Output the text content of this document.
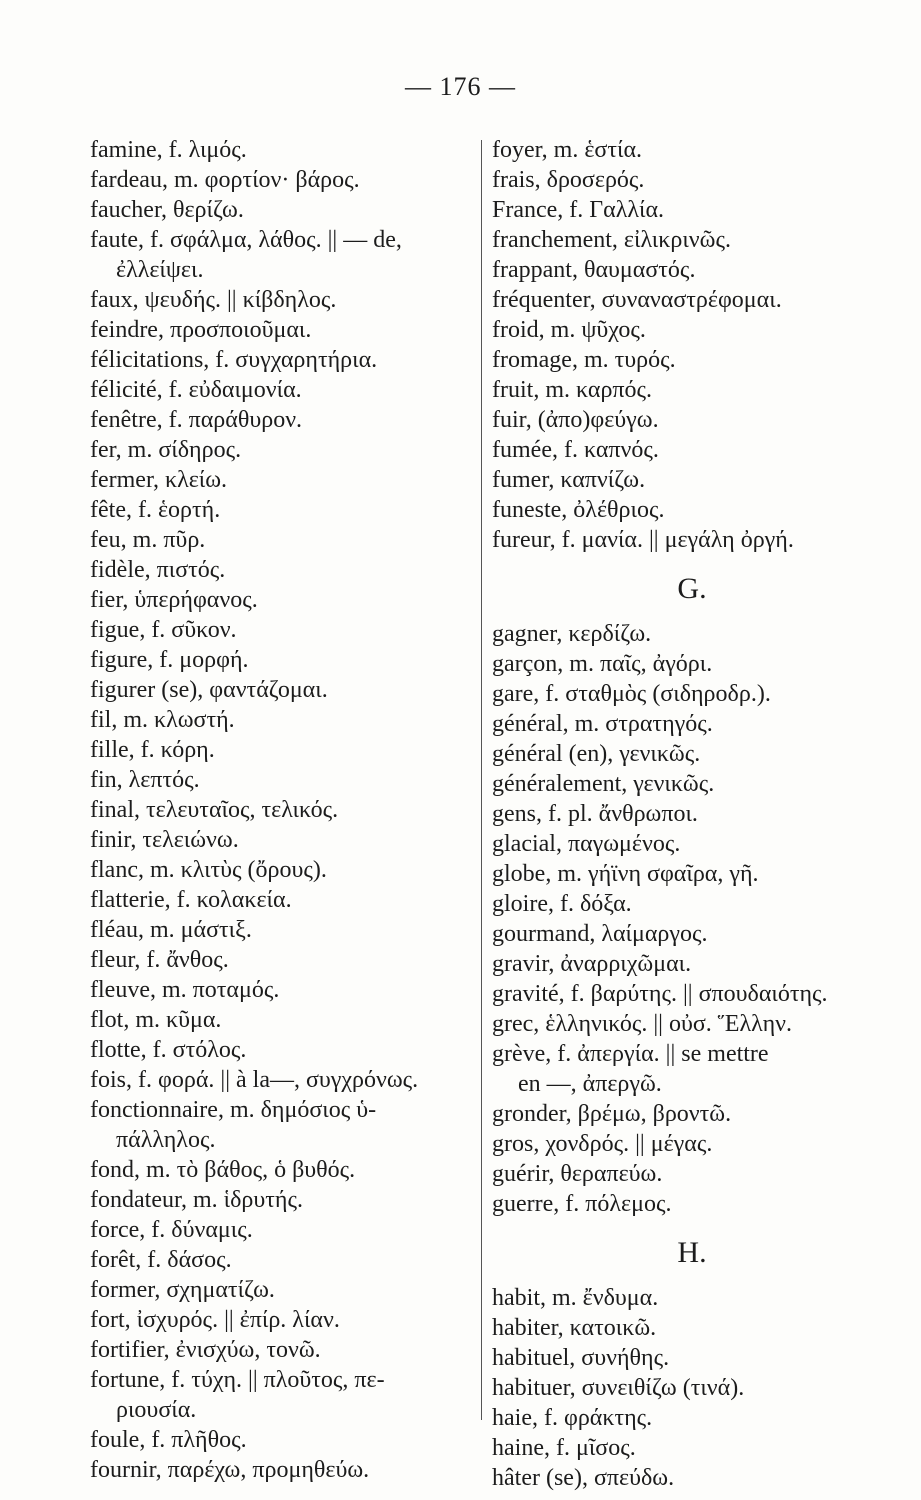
— 176 —
famine, f. λιμός.
fardeau, m. φορτίον· βάρος.
faucher, θερίζω.
faute, f. σφάλμα, λάθος. || — de,
ἐλλείψει.
faux, ψευδής. || κίβδηλος.
feindre, προσποιοῦμαι.
félicitations, f. συγχαρητήρια.
félicité, f. εὐδαιμονία.
fenêtre, f. παράθυρον.
fer, m. σίδηρος.
fermer, κλείω.
fête, f. ἑορτή.
feu, m. πῦρ.
fidèle, πιστός.
fier, ὑπερήφανος.
figue, f. σῦκον.
figure, f. μορφή.
figurer (se), φαντάζομαι.
fil, m. κλωστή.
fille, f. κόρη.
fin, λεπτός.
final, τελευταῖος, τελικός.
finir, τελειώνω.
flanc, m. κλιτὺς (ὄρους).
flatterie, f. κολακεία.
fléau, m. μάστιξ.
fleur, f. ἄνθος.
fleuve, m. ποταμός.
flot, m. κῦμα.
flotte, f. στόλος.
fois, f. φορά. || à la—, συγχρόνως.
fonctionnaire, m. δημόσιος ὑ-
πάλληλος.
fond, m. τὸ βάθος, ὁ βυθός.
fondateur, m. ἱδρυτής.
force, f. δύναμις.
forêt, f. δάσος.
former, σχηματίζω.
fort, ἰσχυρός. || ἐπίρ. λίαν.
fortifier, ἐνισχύω, τονῶ.
fortune, f. τύχη. || πλοῦτος, πε-
ριουσία.
foule, f. πλῆθος.
fournir, παρέχω, προμηθεύω.
foyer, m. ἑστία.
frais, δροσερός.
France, f. Γαλλία.
franchement, εἰλικρινῶς.
frappant, θαυμαστός.
fréquenter, συναναστρέφομαι.
froid, m. ψῦχος.
fromage, m. τυρός.
fruit, m. καρπός.
fuir, (ἀπο)φεύγω.
fumée, f. καπνός.
fumer, καπνίζω.
funeste, ὀλέθριος.
fureur, f. μανία. || μεγάλη ὀργή.
G.
gagner, κερδίζω.
garçon, m. παῖς, ἀγόρι.
gare, f. σταθμὸς (σιδηροδρ.).
général, m. στρατηγός.
général (en), γενικῶς.
généralement, γενικῶς.
gens, f. pl. ἄνθρωποι.
glacial, παγωμένος.
globe, m. γήϊνη σφαῖρα, γῆ.
gloire, f. δόξα.
gourmand, λαίμαργος.
gravir, ἀναρριχῶμαι.
gravité, f. βαρύτης. || σπουδαιότης.
grec, ἑλληνικός. || οὐσ. Ἕλλην.
grève, f. ἀπεργία. || se mettre
en —, ἀπεργῶ.
gronder, βρέμω, βροντῶ.
gros, χονδρός. || μέγας.
guérir, θεραπεύω.
guerre, f. πόλεμος.
H.
habit, m. ἔνδυμα.
habiter, κατοικῶ.
habituel, συνήθης.
habituer, συνειθίζω (τινά).
haie, f. φράκτης.
haine, f. μῖσος.
hâter (se), σπεύδω.
